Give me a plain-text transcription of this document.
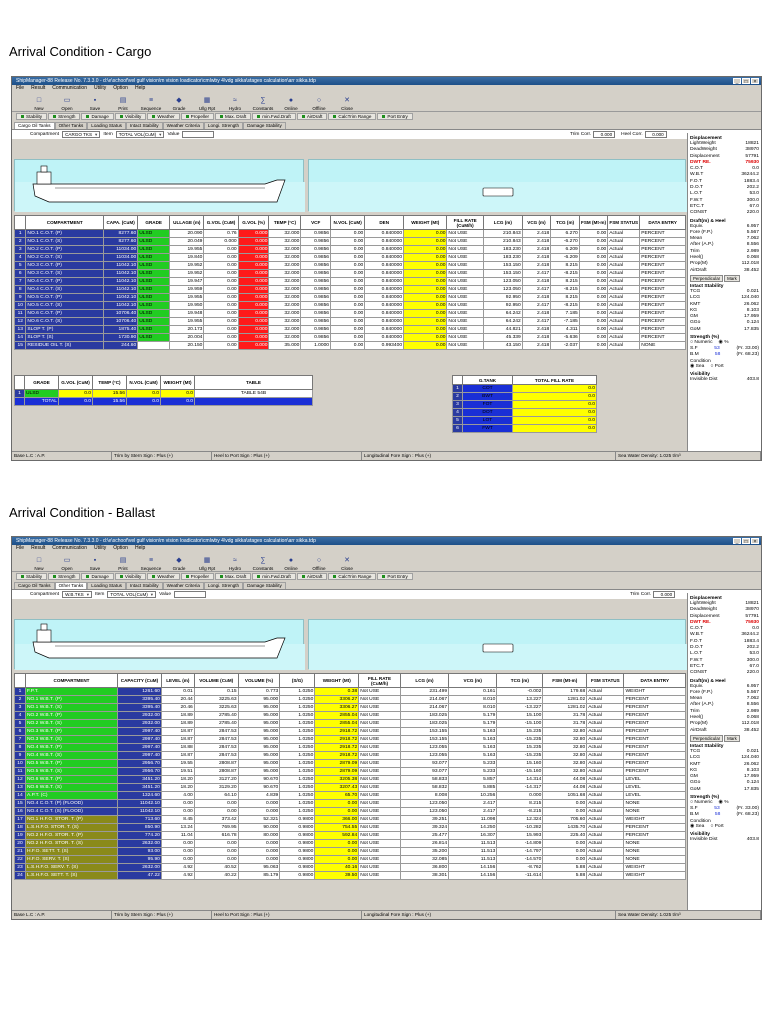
Arrival Condition - Cargo
Arrival Condition - Ballast
ShipManager-88 Release No. 7.3.3.0 - d:\e\schoof\vel gulf vision\m vision loadicator\cmlwby 4\vdg sikka\stages calculation\arr sikka.tdp	_	□	×
File Result Communication Utility Option Help
□
New
▭
Open
▪
Save
▤
Print
≡
Sequence
◆
Grade
▦
Ullg Rpt
≈
Hydro
∑
Constants
●
Online
○
Offline
✕
Close
Stability	Strength	Damage	Visibility	Weather	Propeller	Max. Draft	min.Fwd.Draft	AirDraft	CalcTrim Range	Port Entry
Cargo Oil Tanks	Other Tanks	Loading Status	Intact Stability	Weather Criteria	Longi. Strength	Damage Stability
Compartment CARGO TKS ▾ Item TOTAL VOL(CuM) ▾ Value	Trim Corr.	0.000	Heel Corr.	0.000
Displacement
LightWeight	18821
DeadWeight	38970
Displacement	57791
DWT RE.	75930
C.O.T	0.0
W.B.T	36244.2
F.O.T	1883.4
D.O.T	202.2
L.O.T	53.0
F.W.T	300.0
ETC.T	67.0
CONST	220.0
Draft(m) & Heel
Equiv.	6.957
Fore (F.P.)	5.567
Mean	7.062
After (A.P.)	8.556
Trim	2.989
Heel()	0.068
Prop(M)	112.018
AirDraft	38.452
Perpendicular	Mark
Intact Stability
TCG	0.021
LCG	124.040
KMT	26.062
KG	8.103
GM	17.959
GGo	0.124
GoM	17.835
Strength (%)
○ Numeric ◉ %
S.F	53	(Fr. 33.00)
B.M	58	(Fr. 68.23)
Condition
◉ Sea ○ Port
Visibility
Invisible Dist	403.8
	COMPARTMENT	CAPA. (CuM)	GRADE	ULLAGE (m)	G.VOL (CuM)	G.VOL (%)	TEMP (°C)	VCF	N.VOL (CuM)	DEN	WEIGHT (Mt)	FILL RATE (CuM/h)	LCG (m)	VCG (m)	TCG (m)	FSM (Mt-m)	FSM STATUS	DATA ENTRY
1	NO.1 C.O.T. (P)	8277.60	ULSD	20.090	0.76	0.000	32.000	0.9856	0.00	0.840000	0.00	Not USE	210.843	2.418	6.270	0.00	Actual	PERCENT
2	NO.1 C.O.T. (S)	8277.60	ULSD	20.049	0.000	0.000	32.000	0.9856	0.00	0.840000	0.00	Not USE	210.843	2.418	-6.270	0.00	Actual	PERCENT
3	NO.2 C.O.T. (P)	11034.00	ULSD	19.955	0.00	0.000	32.000	0.9856	0.00	0.840000	0.00	Not USE	183.230	2.418	6.209	0.00	Actual	PERCENT
4	NO.2 C.O.T. (S)	11034.00	ULSD	19.840	0.00	0.000	32.000	0.9856	0.00	0.840000	0.00	Not USE	183.230	2.418	-6.209	0.00	Actual	PERCENT
5	NO.3 C.O.T. (P)	11042.10	ULSD	19.952	0.00	0.000	32.000	0.9856	0.00	0.840000	0.00	Not USE	153.150	2.418	8.215	0.00	Actual	PERCENT
6	NO.3 C.O.T. (S)	11042.10	ULSD	19.952	0.00	0.000	32.000	0.9856	0.00	0.840000	0.00	Not USE	153.150	2.417	-8.215	0.00	Actual	PERCENT
7	NO.4 C.O.T. (P)	11042.10	ULSD	19.947	0.00	0.000	32.000	0.9856	0.00	0.840000	0.00	Not USE	123.050	2.418	8.215	0.00	Actual	PERCENT
8	NO.4 C.O.T. (S)	11042.10	ULSD	19.959	0.00	0.000	32.000	0.9856	0.00	0.840000	0.00	Not USE	123.050	2.417	-8.215	0.00	Actual	PERCENT
9	NO.5 C.O.T. (P)	11042.10	ULSD	19.955	0.00	0.000	32.000	0.9856	0.00	0.840000	0.00	Not USE	92.950	2.418	8.215	0.00	Actual	PERCENT
10	NO.5 C.O.T. (S)	11042.10	ULSD	19.950	0.00	0.000	32.000	0.9856	0.00	0.840000	0.00	Not USE	92.950	2.417	-8.215	0.00	Actual	PERCENT
11	NO.6 C.O.T. (P)	10706.40	ULSD	19.948	0.00	0.000	32.000	0.9856	0.00	0.840000	0.00	Not USE	64.242	2.418	7.185	0.00	Actual	PERCENT
12	NO.6 C.O.T. (S)	10706.40	ULSD	19.955	0.00	0.000	32.000	0.9856	0.00	0.840000	0.00	Not USE	64.242	2.417	-7.185	0.00	Actual	PERCENT
13	SLOP T. (P)	1875.40	ULSD	20.173	0.00	0.000	32.000	0.9856	0.00	0.840000	0.00	Not USE	44.821	2.418	4.311	0.00	Actual	PERCENT
14	SLOP T. (S)	1730.90	ULSD	20.004	0.00	0.000	32.000	0.9856	0.00	0.840000	0.00	Not USE	45.339	2.418	-5.636	0.00	Actual	PERCENT
15	RESIDUE OIL T. (S)	244.60		20.150	0.00	0.000	35.000	1.0000	0.00	0.993400	0.00	Not USE	43.150	2.418	-2.037	0.00	Actual	NONE
	GRADE	G.VOL (CuM)	TEMP (°C)	N.VOL (CuM)	WEIGHT (Mt)	TABLE
1	ULSD	0.0	15.56	0.0	0.0	TABLE 54B
	TOTAL	0.0	15.56	0.0	0.0	
	G.TANK	TOTAL FILL RATE
1	COT	0.0
2	BWT	0.0
3	FOT	0.0
4	DOT	0.0
5	LOT	0.0
6	FWT	0.0
Base L.C : A.P.	Trim by Stern Sign : Plus (+)	Heel to Port Sign : Plus (+)	Longitudinal Fore Sign : Plus (+)	Sea Water Density: 1.025 t/m³
ShipManager-88 Release No. 7.3.3.0 - d:\e\schoof\vel gulf vision\m vision loadicator\cmlwby 4\vdg sikka\stages calculation\arr sikka.tdp	_	□	×
File Result Communication Utility Option Help
□
New
▭
Open
▪
Save
▤
Print
≡
Sequence
◆
Grade
▦
Ullg Rpt
≈
Hydro
∑
Constants
●
Online
○
Offline
✕
Close
Stability	Strength	Damage	Visibility	Weather	Propeller	Max. Draft	min.Fwd.Draft	AirDraft	CalcTrim Range	Port Entry
Cargo Oil Tanks	Other Tanks	Loading Status	Intact Stability	Weather Criteria	Longi. Strength	Damage Stability
Compartment W.B.TKS ▾ Item TOTAL VOL(CuM) ▾ Value	Trim Corr.	0.000
Displacement
LightWeight	18821
DeadWeight	38970
Displacement	57791
DWT RE.	75930
C.O.T	0.0
W.B.T	36244.2
F.O.T	1883.4
D.O.T	202.2
L.O.T	53.0
F.W.T	300.0
ETC.T	67.0
CONST	220.0
Draft(m) & Heel
Equiv.	6.957
Fore (F.P.)	5.567
Mean	7.062
After (A.P.)	8.556
Trim	2.989
Heel()	0.068
Prop(M)	112.018
AirDraft	38.452
Perpendicular	Mark
Intact Stability
TCG	0.021
LCG	124.040
KMT	26.062
KG	8.103
GM	17.959
GGo	0.124
GoM	17.835
Strength (%)
○ Numeric ◉ %
S.F	53	(Fr. 33.00)
B.M	58	(Fr. 68.23)
Condition
◉ Sea ○ Port
Visibility
Invisible Dist	403.8
	COMPARTMENT	CAPACITY (CuM)	LEVEL (m)	VOLUME (CuM)	VOLUME (%)	(S/G)	WEIGHT (Mt)	FILL RATE (CuM/h)	LCG (m)	VCG (m)	TCG (m)	FSM (Mt-m)	FSM STATUS	DATA ENTRY
1	F.P.T.	1261.60	0.01	0.15	0.773	1.0250	0.38	Not USE	231.499	0.161	-0.002	179.68	Actual	WEIGHT
2	NO.1 W.B.T. (P)	3395.40	20.44	3225.63	95.000	1.0250	3306.27	Not USE	214.067	8.010	13.227	1281.02	Actual	PERCENT
3	NO.1 W.B.T. (S)	3395.40	20.46	3225.63	95.000	1.0250	3306.27	Not USE	214.067	8.010	-13.227	1281.02	Actual	PERCENT
4	NO.2 W.B.T. (P)	2932.00	18.89	2785.40	95.000	1.0250	2855.04	Not USE	183.025	5.179	15.100	31.78	Actual	PERCENT
5	NO.2 W.B.T. (S)	2932.00	18.89	2785.40	95.000	1.0250	2855.04	Not USE	183.025	5.179	-15.100	31.78	Actual	PERCENT
6	NO.3 W.B.T. (P)	2997.40	18.87	2847.53	95.000	1.0250	2918.72	Not USE	153.155	5.163	15.235	32.80	Actual	PERCENT
7	NO.3 W.B.T. (S)	2997.40	18.87	2847.53	95.000	1.0250	2918.72	Not USE	153.155	5.163	-15.235	32.80	Actual	PERCENT
8	NO.4 W.B.T. (P)	2997.40	18.88	2847.53	95.000	1.0250	2918.72	Not USE	123.055	5.163	15.235	32.80	Actual	PERCENT
9	NO.4 W.B.T. (S)	2997.40	18.87	2847.53	95.000	1.0250	2918.72	Not USE	123.055	5.163	-15.235	32.80	Actual	PERCENT
10	NO.5 W.B.T. (P)	2956.70	19.55	2808.87	95.000	1.0250	2879.09	Not USE	93.077	5.233	15.160	32.80	Actual	PERCENT
11	NO.5 W.B.T. (S)	2956.70	19.51	2808.87	95.000	1.0250	2879.09	Not USE	93.077	5.233	-15.160	32.80	Actual	PERCENT
12	NO.6 W.B.T. (P)	3451.20	18.20	3127.20	90.670	1.0250	3205.38	Not USE	58.833	5.857	14.314	44.08	Actual	LEVEL
13	NO.6 W.B.T. (S)	3451.20	18.20	3129.20	90.670	1.0250	3207.43	Not USE	58.832	5.885	-14.317	44.08	Actual	LEVEL
14	A.P.T. (C)	1324.60	4.00	64.10	4.839	1.0250	65.70	Not USE	8.008	10.256	0.000	1051.68	Actual	LEVEL
15	NO.4 C.O.T. (P) (FLOOD)	11042.10	0.00	0.00	0.000	1.0250	0.00	Not USE	123.050	2.417	8.215	0.00	Actual	NONE
16	NO.4 C.O.T. (S) (FLOOD)	11042.10	0.00	0.00	0.000	1.0250	0.00	Not USE	123.050	2.417	-8.215	0.00	Actual	NONE
17	NO.1 H.F.O. STOR. T. (P)	713.60	8.45	373.42	52.321	0.9800	366.00	Not USE	39.251	11.098	12.324	705.60	Actual	WEIGHT
18	L.S.H.F.O. STOR. T. (S)	850.90	13.24	769.95	90.000	0.9800	754.55	Not USE	39.324	14.250	-10.282	1435.70	Actual	PERCENT
19	NO.2 H.F.O. STOR. T. (P)	774.20	11.04	616.78	80.000	0.9800	592.84	Not USE	25.477	16.307	15.993	225.40	Actual	PERCENT
20	NO.2 H.F.O. STOR. T. (S)	2632.00	0.00	0.00	0.000	0.9800	0.00	Not USE	26.814	11.513	-14.809	0.00	Actual	NONE
21	H.F.O. SETT. T. (S)	93.00	0.00	0.00	0.000	0.9800	0.00	Not USE	35.200	11.513	-14.797	0.00	Actual	NONE
22	H.F.O. SERV. T. (S)	95.90	0.00	0.00	0.000	0.9800	0.00	Not USE	32.085	11.513	-14.570	0.00	Actual	NONE
23	L.S.H.F.O. SERV. T. (S)	2632.00	4.92	40.52	95.063	0.9800	40.16	Not USE	36.800	14.156	-8.762	5.88	Actual	WEIGHT
24	L.S.H.F.O. SETT. T. (S)	47.22	4.92	40.22	85.179	0.9800	39.50	Not USE	38.301	14.156	-11.614	5.88	Actual	WEIGHT
Base L.C : A.P.	Trim by Stern Sign : Plus (+)	Heel to Port Sign : Plus (+)	Longitudinal Fore Sign : Plus (+)	Sea Water Density: 1.025 t/m³
